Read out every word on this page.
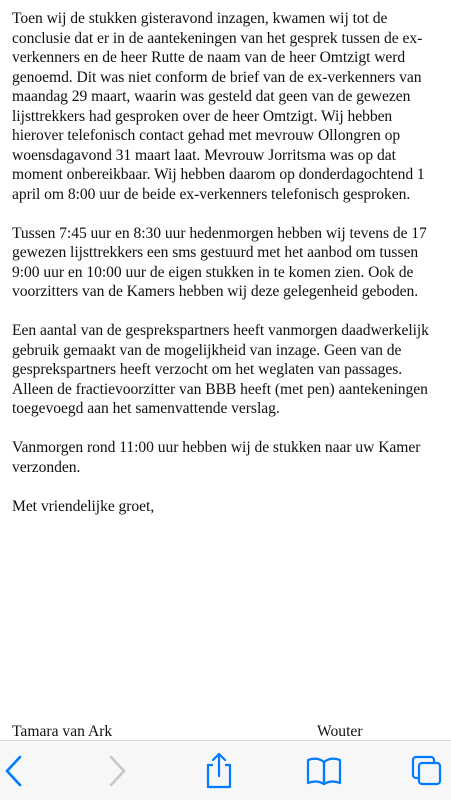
Toen wij de stukken gisteravond inzagen, kwamen wij tot de conclusie dat er in de aantekeningen van het gesprek tussen de ex-verkenners en de heer Rutte de naam van de heer Omtzigt werd genoemd. Dit was niet conform de brief van de ex-verkenners van maandag 29 maart, waarin was gesteld dat geen van de gewezen lijsttrekkers had gesproken over de heer Omtzigt. Wij hebben hierover telefonisch contact gehad met mevrouw Ollongren op woensdagavond 31 maart laat. Mevrouw Jorritsma was op dat moment onbereikbaar. Wij hebben daarom op donderdagochtend 1 april om 8:00 uur de beide ex-verkenners telefonisch gesproken.

Tussen 7:45 uur en 8:30 uur hedenmorgen hebben wij tevens de 17 gewezen lijsttrekkers een sms gestuurd met het aanbod om tussen 9:00 uur en 10:00 uur de eigen stukken in te komen zien. Ook de voorzitters van de Kamers hebben wij deze gelegenheid geboden.

Een aantal van de gesprekspartners heeft vanmorgen daadwerkelijk gebruik gemaakt van de mogelijkheid van inzage. Geen van de gesprekspartners heeft verzocht om het weglaten van passages. Alleen de fractievoorzitter van BBB heeft (met pen) aantekeningen toegevoegd aan het samenvattende verslag.

Vanmorgen rond 11:00 uur hebben wij de stukken naar uw Kamer verzonden.

Met vriendelijke groet,

Tamara van Ark	Wouter
